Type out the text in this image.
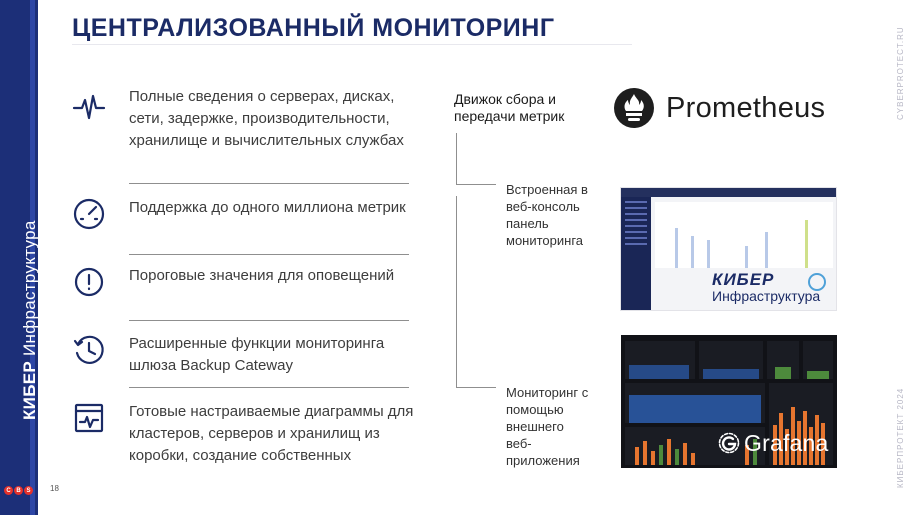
КИБЕР Инфраструктура
C B S	18
ЦЕНТРАЛИЗОВАННЫЙ МОНИТОРИНГ	CYBERPROTECT.RU
КИБЕРПРОТЕКТ 2024
Полные сведения о серверах, дисках, сети, задержке, производительности, хранилище и вычислительных службах
Поддержка до одного миллиона метрик
Пороговые значения для оповещений
Расширенные функции мониторинга шлюза Backup Cateway
Готовые настраиваемые диаграммы для кластеров, серверов и хранилищ из коробки, создание собственных
Движок сбора и передачи метрик
Встроенная в веб-консоль панель мониторинга
Мониторинг с помощью внешнего веб-приложения
Prometheus
КИБЕР
Инфраструктура
Grafana
